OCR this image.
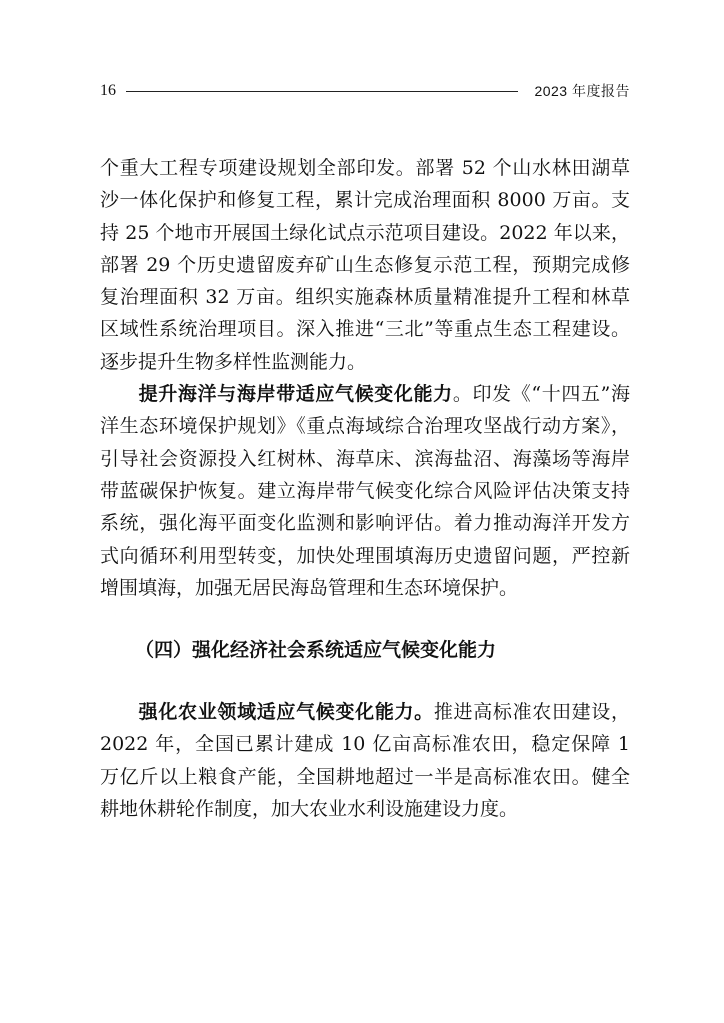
16	2023 年度报告

个重大工程专项建设规划全部印发。部署 52 个山水林田湖草沙一体化保护和修复工程，累计完成治理面积 8000 万亩。支持 25 个地市开展国土绿化试点示范项目建设。2022 年以来，部署 29 个历史遗留废弃矿山生态修复示范工程，预期完成修复治理面积 32 万亩。组织实施森林质量精准提升工程和林草区域性系统治理项目。深入推进“三北”等重点生态工程建设。逐步提升生物多样性监测能力。

提升海洋与海岸带适应气候变化能力。印发《“十四五”海洋生态环境保护规划》《重点海域综合治理攻坚战行动方案》，引导社会资源投入红树林、海草床、滨海盐沼、海藻场等海岸带蓝碳保护恢复。建立海岸带气候变化综合风险评估决策支持系统，强化海平面变化监测和影响评估。着力推动海洋开发方式向循环利用型转变，加快处理围填海历史遗留问题，严控新增围填海，加强无居民海岛管理和生态环境保护。

（四）强化经济社会系统适应气候变化能力

强化农业领域适应气候变化能力。推进高标准农田建设，2022 年，全国已累计建成 10 亿亩高标准农田，稳定保障 1 万亿斤以上粮食产能，全国耕地超过一半是高标准农田。健全耕地休耕轮作制度，加大农业水利设施建设力度。
